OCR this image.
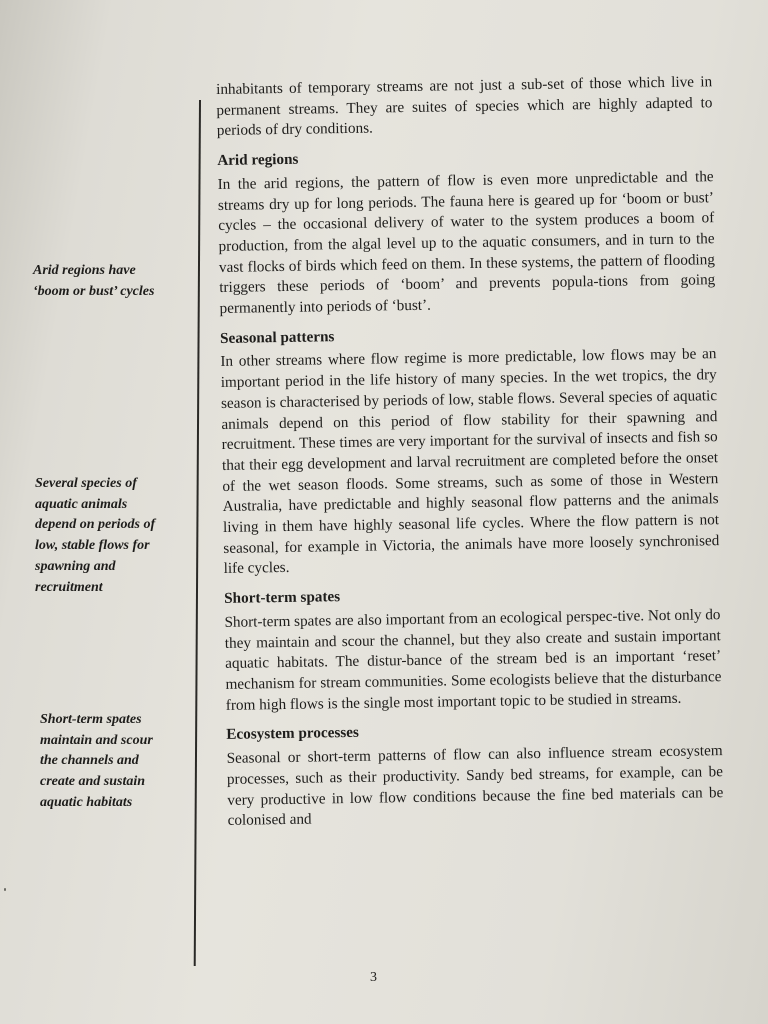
Arid regions have
‘boom or bust’ cycles
Several species of
aquatic animals
depend on periods of
low, stable flows for
spawning and
recruitment
Short-term spates
maintain and scour
the channels and
create and sustain
aquatic habitats

inhabitants of temporary streams are not just a sub-set of those which live in permanent streams. They are suites of species which are highly adapted to periods of dry conditions.

Arid regions

In the arid regions, the pattern of flow is even more unpredictable and the streams dry up for long periods. The fauna here is geared up for ‘boom or bust’ cycles – the occasional delivery of water to the system produces a boom of production, from the algal level up to the aquatic consumers, and in turn to the vast flocks of birds which feed on them. In these systems, the pattern of flooding triggers these periods of ‘boom’ and prevents popula-tions from going permanently into periods of ‘bust’.

Seasonal patterns

In other streams where flow regime is more predictable, low flows may be an important period in the life history of many species. In the wet tropics, the dry season is characterised by periods of low, stable flows. Several species of aquatic animals depend on this period of flow stability for their spawning and recruitment. These times are very important for the survival of insects and fish so that their egg development and larval recruitment are completed before the onset of the wet season floods. Some streams, such as some of those in Western Australia, have predictable and highly seasonal flow patterns and the animals living in them have highly seasonal life cycles. Where the flow pattern is not seasonal, for example in Victoria, the animals have more loosely synchronised life cycles.

Short-term spates

Short-term spates are also important from an ecological perspec-tive. Not only do they maintain and scour the channel, but they also create and sustain important aquatic habitats. The distur-bance of the stream bed is an important ‘reset’ mechanism for stream communities. Some ecologists believe that the disturbance from high flows is the single most important topic to be studied in streams.

Ecosystem processes

Seasonal or short-term patterns of flow can also influence stream ecosystem processes, such as their productivity. Sandy bed streams, for example, can be very productive in low flow conditions because the fine bed materials can be colonised and

3
